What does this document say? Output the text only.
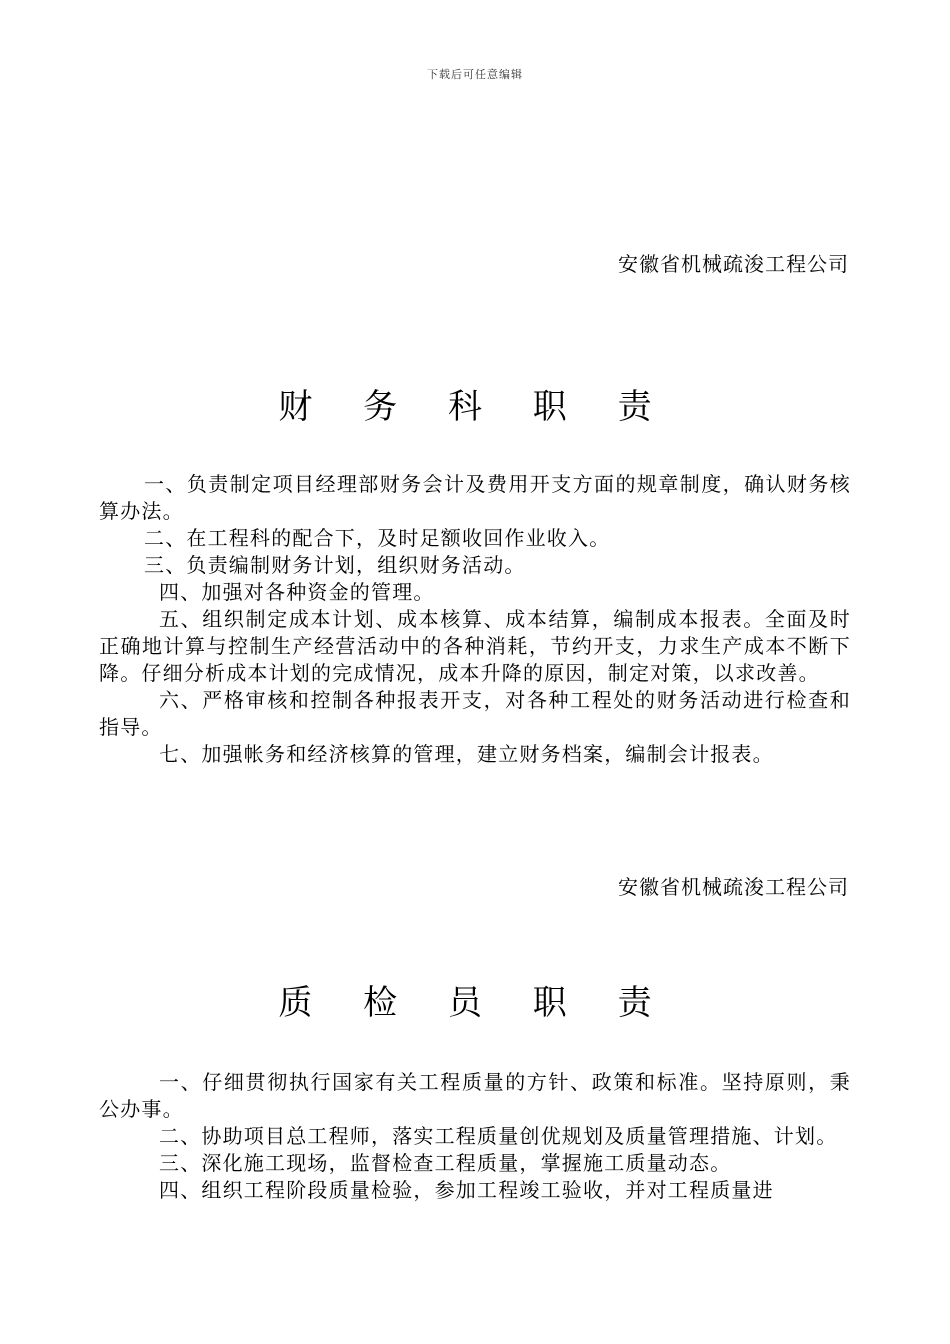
下载后可任意编辑
安徽省机械疏浚工程公司
财 务 科 职 责

一、负责制定项目经理部财务会计及费用开支方面的规章制度，确认财务核算办法。

二、在工程科的配合下，及时足额收回作业收入。

三、负责编制财务计划，组织财务活动。

四、加强对各种资金的管理。

五、组织制定成本计划、成本核算、成本结算，编制成本报表。全面及时正确地计算与控制生产经营活动中的各种消耗，节约开支，力求生产成本不断下降。仔细分析成本计划的完成情况，成本升降的原因，制定对策，以求改善。

六、严格审核和控制各种报表开支，对各种工程处的财务活动进行检查和指导。

七、加强帐务和经济核算的管理，建立财务档案，编制会计报表。

安徽省机械疏浚工程公司
质 检 员 职 责

一、仔细贯彻执行国家有关工程质量的方针、政策和标准。坚持原则，秉公办事。

二、协助项目总工程师，落实工程质量创优规划及质量管理措施、计划。

三、深化施工现场，监督检查工程质量，掌握施工质量动态。

四、组织工程阶段质量检验，参加工程竣工验收，并对工程质量进
